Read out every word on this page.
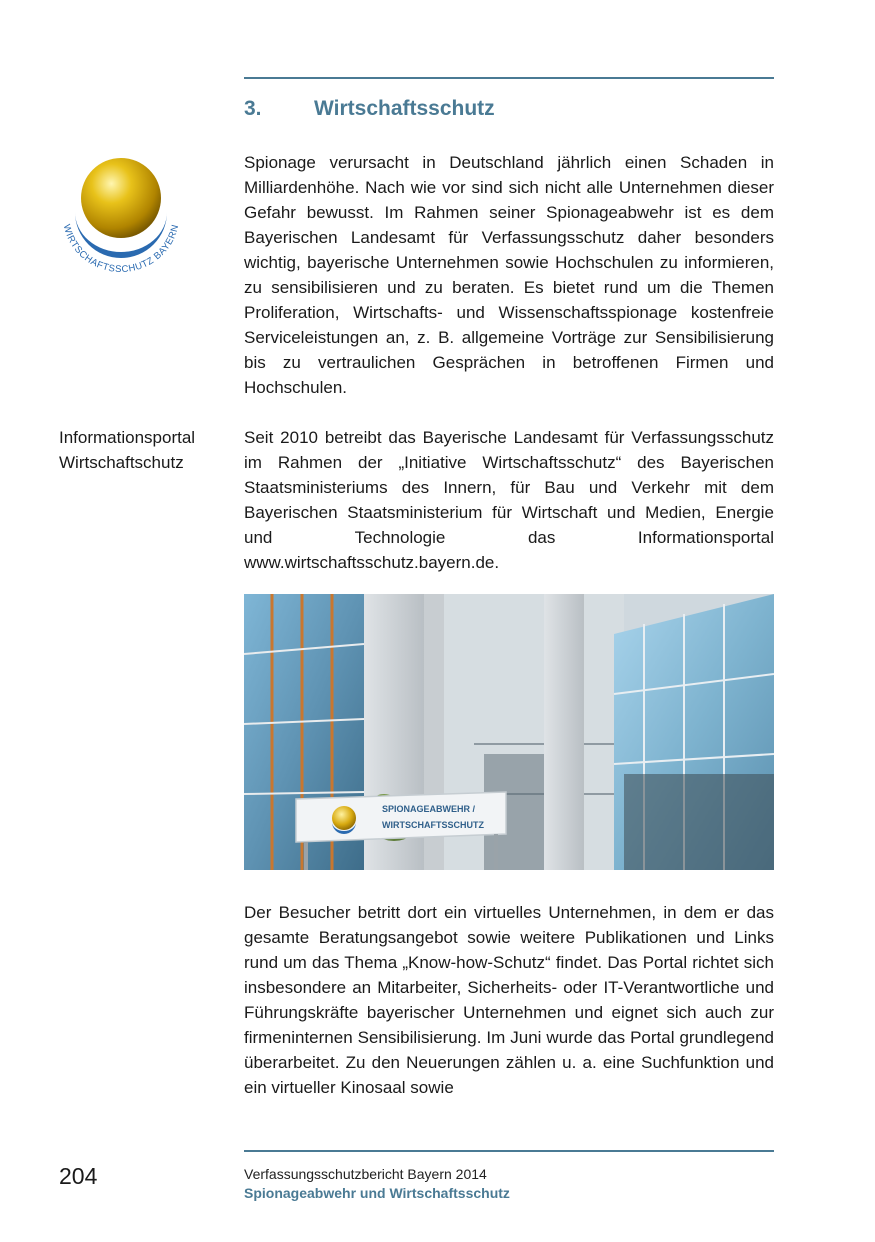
3.	Wirtschaftsschutz
WIRTSCHAFTSSCHUTZ BAYERN

Spionage verursacht in Deutschland jährlich einen Schaden in Milliardenhöhe. Nach wie vor sind sich nicht alle Unternehmen dieser Gefahr bewusst. Im Rahmen seiner Spionageabwehr ist es dem Bayerischen Landesamt für Verfassungsschutz daher besonders wichtig, bayerische Unternehmen sowie Hochschulen zu informieren, zu sensibilisieren und zu beraten. Es bietet rund um die Themen Proliferation, Wirtschafts- und Wissenschaftsspionage kostenfreie Serviceleistungen an, z. B. allgemeine Vorträge zur Sensibilisierung bis zu vertraulichen Gesprächen in betroffenen Firmen und Hochschulen.

Informationsportal
Wirtschaftschutz

Seit 2010 betreibt das Bayerische Landesamt für Verfassungsschutz im Rahmen der „Initiative Wirtschaftsschutz“ des Bayerischen Staatsministeriums des Innern, für Bau und Verkehr mit dem Bayerischen Staatsministerium für Wirtschaft und Medien, Energie und Technologie das Informationsportal www.wirtschaftsschutz.bayern.de.

SPIONAGEABWEHR /
WIRTSCHAFTSSCHUTZ

Der Besucher betritt dort ein virtuelles Unternehmen, in dem er das gesamte Beratungsangebot sowie weitere Publikationen und Links rund um das Thema „Know-how-Schutz“ findet. Das Portal richtet sich insbesondere an Mitarbeiter, Sicherheits- oder IT-Verantwortliche und Führungskräfte bayerischer Unternehmen und eignet sich auch zur firmeninternen Sensibilisierung. Im Juni wurde das Portal grundlegend überarbeitet. Zu den Neuerungen zählen u. a. eine Suchfunktion und ein virtueller Kinosaal sowie

204	Verfassungsschutzbericht Bayern 2014
Spionageabwehr und Wirtschaftsschutz
